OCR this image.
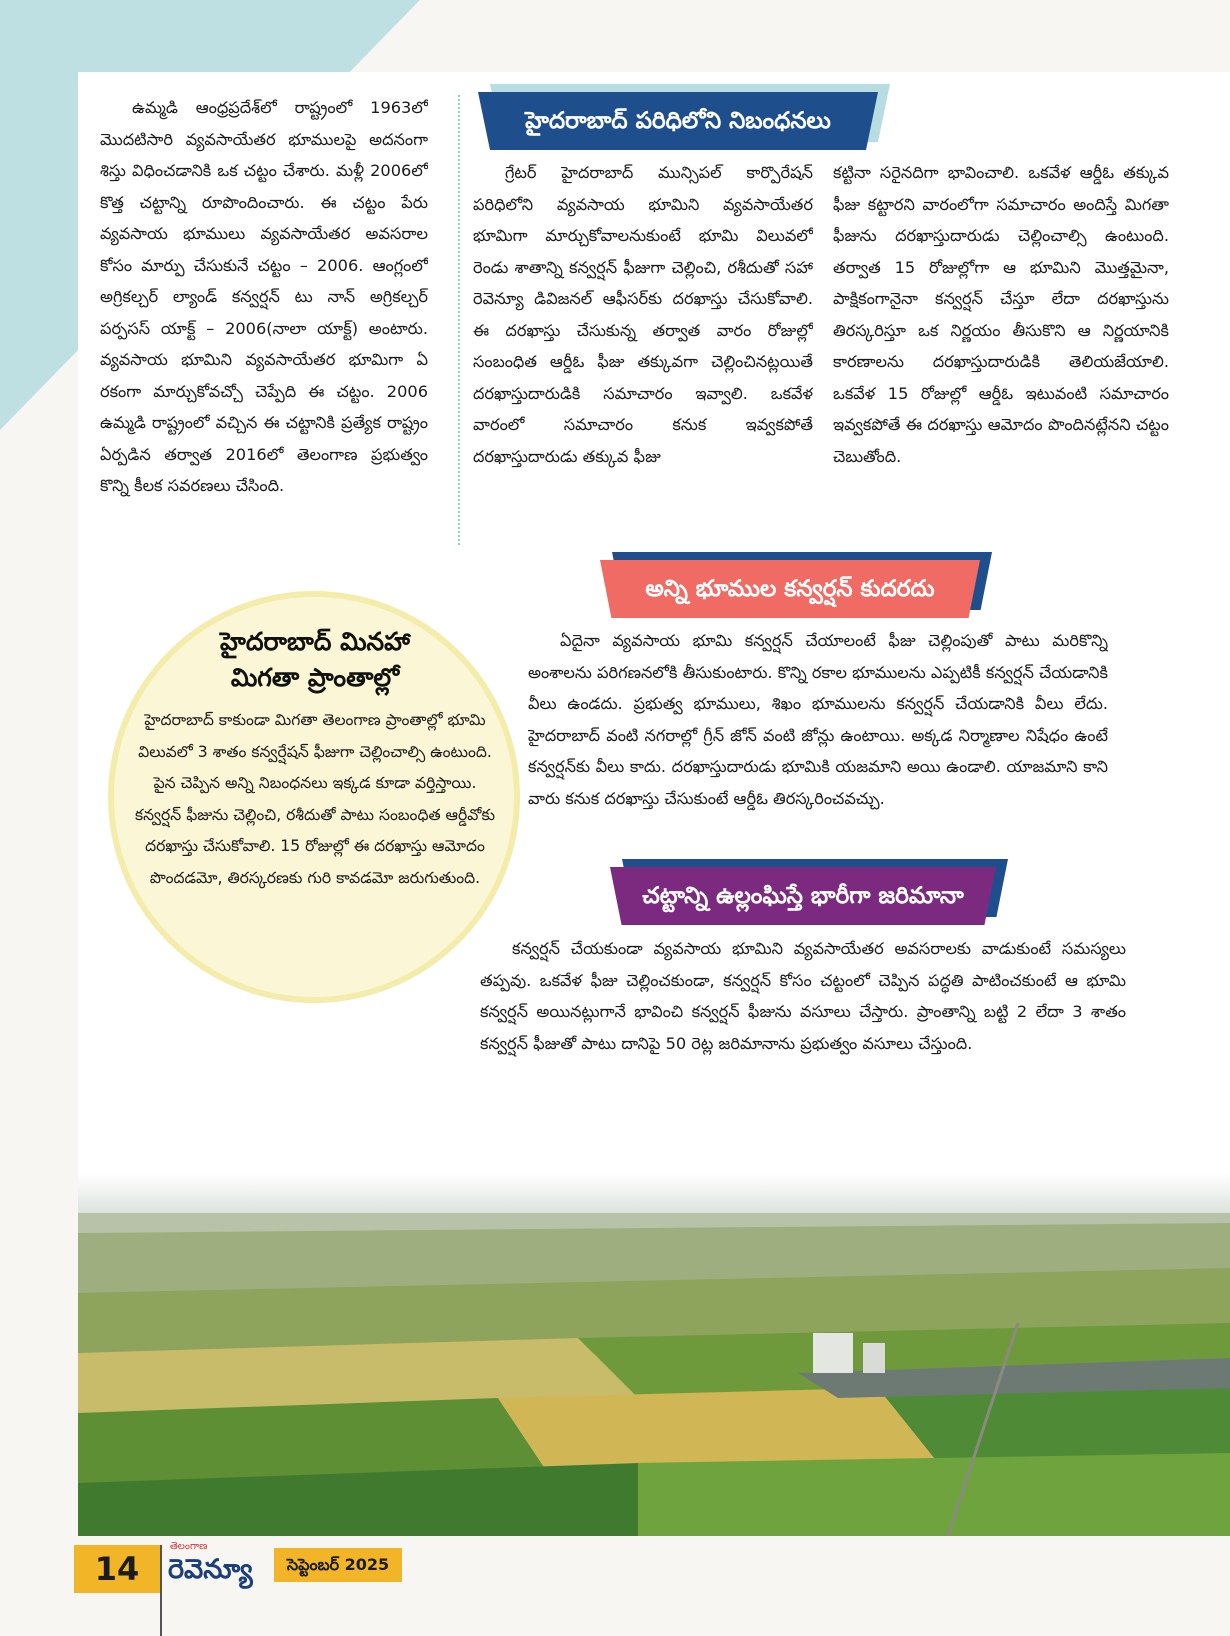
ఉమ్మడి ఆంధ్రప్రదేశ్‌లో రాష్ట్రంలో 1963లో మొదటిసారి వ్యవసాయేతర భూములపై అదనంగా శిస్తు విధించడానికి ఒక చట్టం చేశారు. మళ్లీ 2006లో కొత్త చట్టాన్ని రూపొందించారు. ఈ చట్టం పేరు వ్యవసాయ భూములు వ్యవసాయేతర అవసరాల కోసం మార్పు చేసుకునే చట్టం – 2006. ఆంగ్లంలో అగ్రికల్చర్ ల్యాండ్ కన్వర్షన్ టు నాన్ అగ్రికల్చర్ పర్పసస్ యాక్ట్ – 2006(నాలా యాక్ట్) అంటారు. వ్యవసాయ భూమిని వ్యవసాయేతర భూమిగా ఏ రకంగా మార్చుకోవచ్చో చెప్పేది ఈ చట్టం. 2006 ఉమ్మడి రాష్ట్రంలో వచ్చిన ఈ చట్టానికి ప్రత్యేక రాష్ట్రం ఏర్పడిన తర్వాత 2016లో తెలంగాణ ప్రభుత్వం కొన్ని కీలక సవరణలు చేసింది.

హైదరాబాద్ పరిధిలోని నిబంధనలు

గ్రేటర్ హైదరాబాద్ మున్సిపల్ కార్పొరేషన్ పరిధిలోని వ్యవసాయ భూమిని వ్యవసాయేతర భూమిగా మార్చుకోవాలనుకుంటే భూమి విలువలో రెండు శాతాన్ని కన్వర్షన్ ఫీజుగా చెల్లించి, రశీదుతో సహా రెవెన్యూ డివిజనల్ ఆఫీసర్‌కు దరఖాస్తు చేసుకోవాలి. ఈ దరఖాస్తు చేసుకున్న తర్వాత వారం రోజుల్లో సంబంధిత ఆర్డీఓ ఫీజు తక్కువగా చెల్లించినట్లయితే దరఖాస్తుదారుడికి సమాచారం ఇవ్వాలి. ఒకవేళ వారంలో సమాచారం కనుక ఇవ్వకపోతే దరఖాస్తుదారుడు తక్కువ ఫీజు

కట్టినా సరైనదిగా భావించాలి. ఒకవేళ ఆర్డీఓ తక్కువ ఫీజు కట్టారని వారంలోగా సమాచారం అందిస్తే మిగతా ఫీజును దరఖాస్తుదారుడు చెల్లించాల్సి ఉంటుంది. తర్వాత 15 రోజుల్లోగా ఆ భూమిని మొత్తమైనా, పాక్షికంగానైనా కన్వర్షన్ చేస్తూ లేదా దరఖాస్తును తిరస్కరిస్తూ ఒక నిర్ణయం తీసుకొని ఆ నిర్ణయానికి కారణాలను దరఖాస్తుదారుడికి తెలియజేయాలి. ఒకవేళ 15 రోజుల్లో ఆర్డీఓ ఇటువంటి సమాచారం ఇవ్వకపోతే ఈ దరఖాస్తు ఆమోదం పొందినట్లేనని చట్టం చెబుతోంది.

అన్ని భూముల కన్వర్షన్ కుదరదు

ఏదైనా వ్యవసాయ భూమి కన్వర్షన్ చేయాలంటే ఫీజు చెల్లింపుతో పాటు మరికొన్ని అంశాలను పరిగణనలోకి తీసుకుంటారు. కొన్ని రకాల భూములను ఎప్పటికీ కన్వర్షన్ చేయడానికి వీలు ఉండదు. ప్రభుత్వ భూములు, శిఖం భూములను కన్వర్షన్ చేయడానికి వీలు లేదు. హైదరాబాద్ వంటి నగరాల్లో గ్రీన్ జోన్ వంటి జోన్లు ఉంటాయి. అక్కడ నిర్మాణాల నిషేధం ఉంటే కన్వర్షన్‌కు వీలు కాదు. దరఖాస్తుదారుడు భూమికి యజమాని అయి ఉండాలి. యాజమాని కాని వారు కనుక దరఖాస్తు చేసుకుంటే ఆర్డీఓ తిరస్కరించవచ్చు.

హైదరాబాద్ మినహా
మిగతా ప్రాంతాల్లో

హైదరాబాద్ కాకుండా మిగతా తెలంగాణ ప్రాంతాల్లో భూమి విలువలో 3 శాతం కన్వర్షేషన్ ఫీజుగా చెల్లించాల్సి ఉంటుంది. పైన చెప్పిన అన్ని నిబంధనలు ఇక్కడ కూడా వర్తిస్తాయి. కన్వర్షన్ ఫీజును చెల్లించి, రశీదుతో పాటు సంబంధిత ఆర్డీవోకు దరఖాస్తు చేసుకోవాలి. 15 రోజుల్లో ఈ దరఖాస్తు ఆమోదం పొందడమో, తిరస్కరణకు గురి కావడమో జరుగుతుంది.

చట్టాన్ని ఉల్లంఘిస్తే భారీగా జరిమానా

కన్వర్షన్ చేయకుండా వ్యవసాయ భూమిని వ్యవసాయేతర అవసరాలకు వాడుకుంటే సమస్యలు తప్పవు. ఒకవేళ ఫీజు చెల్లించకుండా, కన్వర్షన్ కోసం చట్టంలో చెప్పిన పద్ధతి పాటించకుంటే ఆ భూమి కన్వర్షన్ అయినట్లుగానే భావించి కన్వర్షన్ ఫీజును వసూలు చేస్తారు. ప్రాంతాన్ని బట్టి 2 లేదా 3 శాతం కన్వర్షన్ ఫీజుతో పాటు దానిపై 50 రెట్ల జరిమానాను ప్రభుత్వం వసూలు చేస్తుంది.

14
తెలంగాణ
రెవెన్యూ	సెప్టెంబర్ 2025
